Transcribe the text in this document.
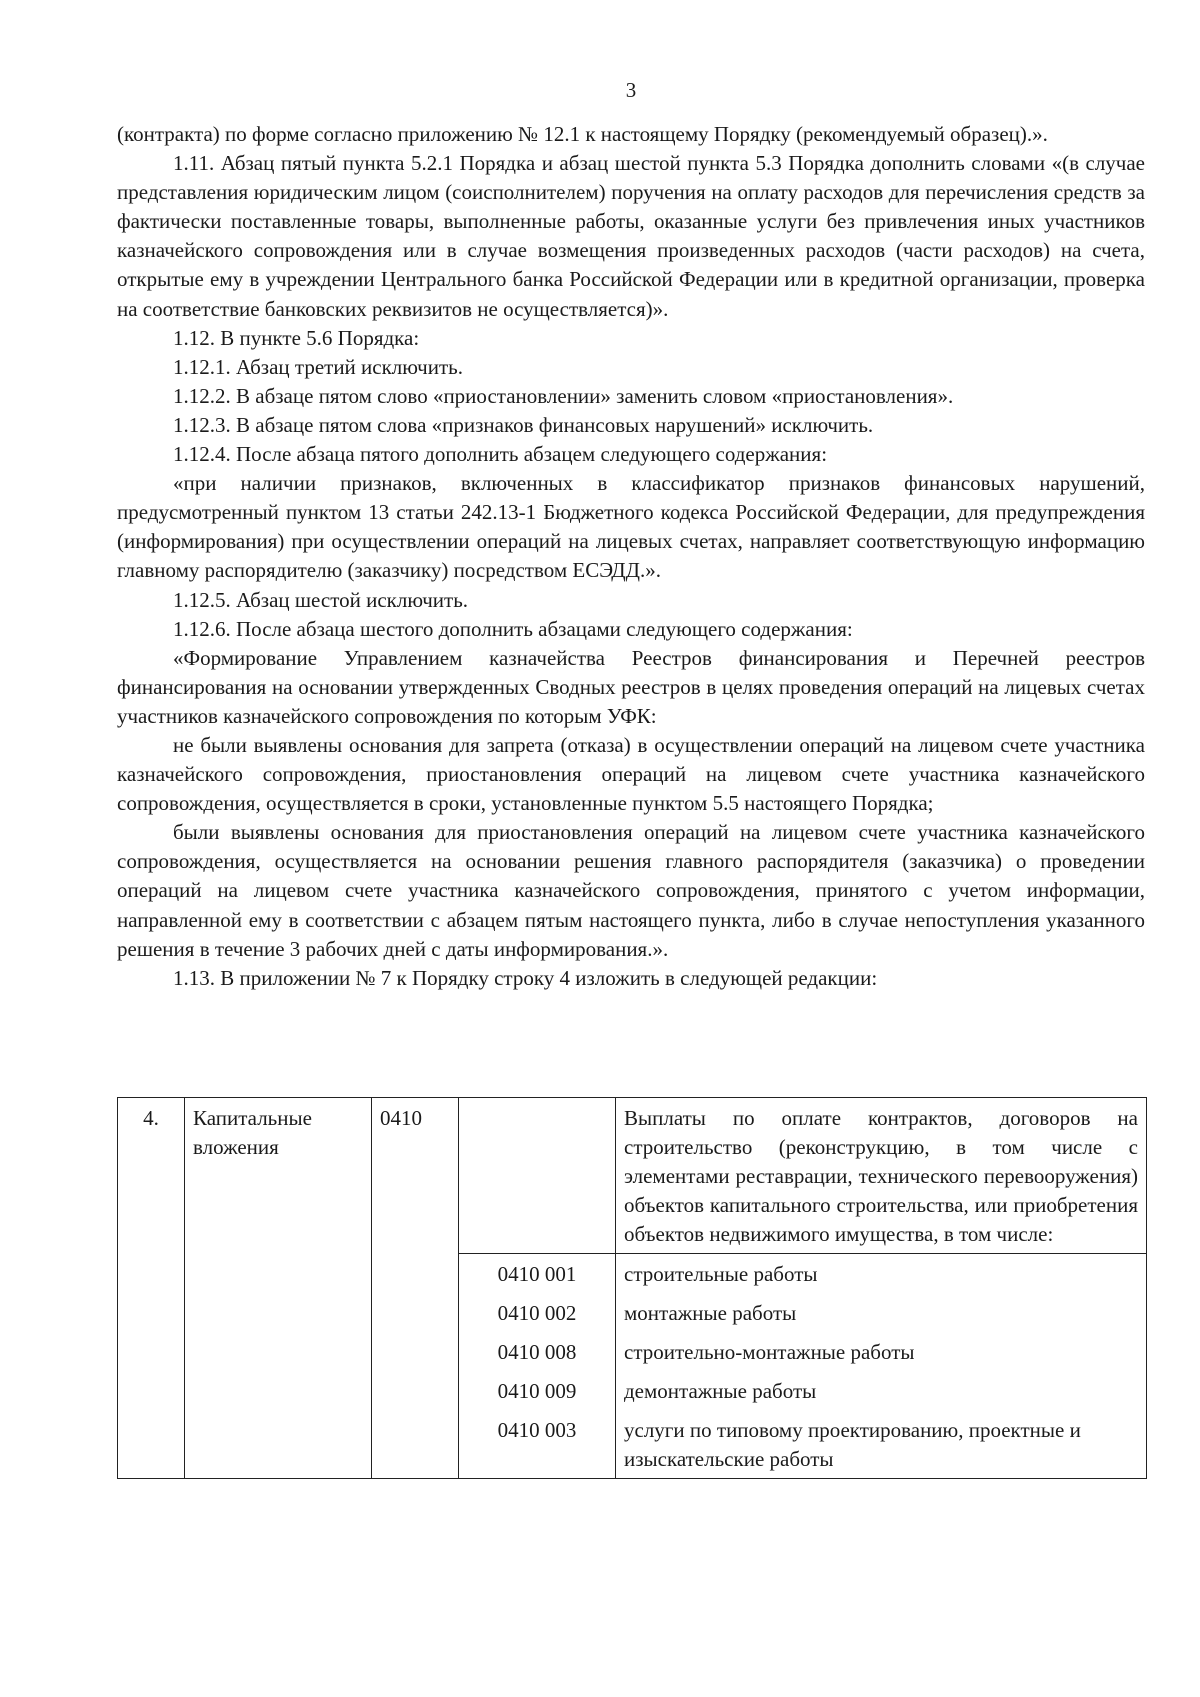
3

(контракта) по форме согласно приложению № 12.1 к настоящему Порядку (рекомендуемый образец).».

1.11. Абзац пятый пункта 5.2.1 Порядка и абзац шестой пункта 5.3 Порядка дополнить словами «(в случае представления юридическим лицом (соисполнителем) поручения на оплату расходов для перечисления средств за фактически поставленные товары, выполненные работы, оказанные услуги без привлечения иных участников казначейского сопровождения или в случае возмещения произведенных расходов (части расходов) на счета, открытые ему в учреждении Центрального банка Российской Федерации или в кредитной организации, проверка на соответствие банковских реквизитов не осуществляется)».

1.12. В пункте 5.6 Порядка:

1.12.1. Абзац третий исключить.

1.12.2. В абзаце пятом слово «приостановлении» заменить словом «приостановления».

1.12.3. В абзаце пятом слова «признаков финансовых нарушений» исключить.

1.12.4. После абзаца пятого дополнить абзацем следующего содержания:

«при наличии признаков, включенных в классификатор признаков финансовых нарушений, предусмотренный пунктом 13 статьи 242.13-1 Бюджетного кодекса Российской Федерации, для предупреждения (информирования) при осуществлении операций на лицевых счетах, направляет соответствующую информацию главному распорядителю (заказчику) посредством ЕСЭДД.».

1.12.5. Абзац шестой исключить.

1.12.6. После абзаца шестого дополнить абзацами следующего содержания:

«Формирование Управлением казначейства Реестров финансирования и Перечней реестров финансирования на основании утвержденных Сводных реестров в целях проведения операций на лицевых счетах участников казначейского сопровождения по которым УФК:

не были выявлены основания для запрета (отказа) в осуществлении операций на лицевом счете участника казначейского сопровождения, приостановления операций на лицевом счете участника казначейского сопровождения, осуществляется в сроки, установленные пунктом 5.5 настоящего Порядка;

были выявлены основания для приостановления операций на лицевом счете участника казначейского сопровождения, осуществляется на основании решения главного распорядителя (заказчика) о проведении операций на лицевом счете участника казначейского сопровождения, принятого с учетом информации, направленной ему в соответствии с абзацем пятым настоящего пункта, либо в случае непоступления указанного решения в течение 3 рабочих дней с даты информирования.».

1.13. В приложении № 7 к Порядку строку 4 изложить в следующей редакции:

4.	Капитальные вложения	0410		Выплаты по оплате контрактов, договоров на строительство (реконструкцию, в том числе с элементами реставрации, технического перевооружения) объектов капитального строительства, или приобретения объектов недвижимого имущества, в том числе:
			0410 001	строительные работы
			0410 002	монтажные работы
			0410 008	строительно-монтажные работы
			0410 009	демонтажные работы
			0410 003	услуги по типовому проектированию, проектные и изыскательские работы
